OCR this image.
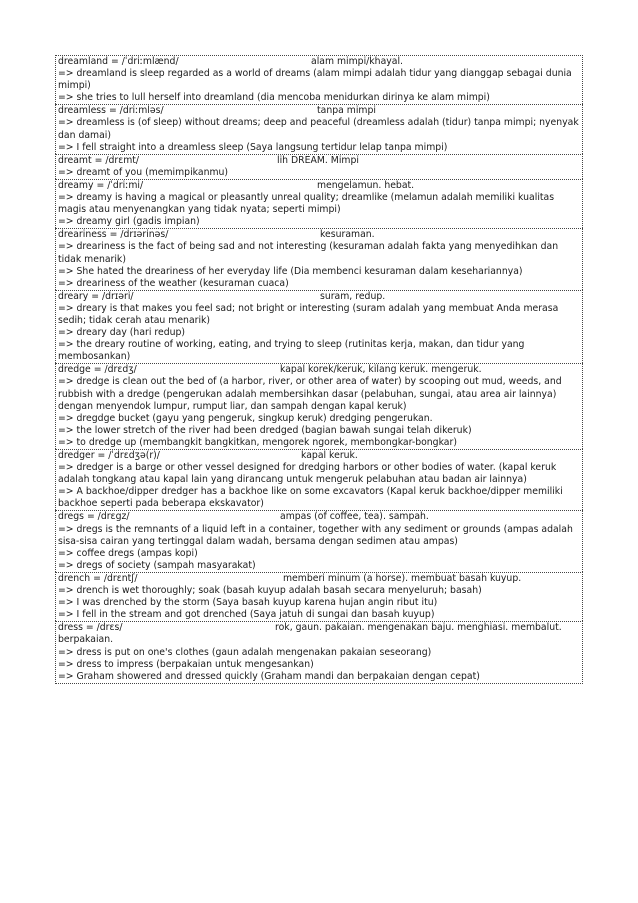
dreamland = /ˈdriːmlænd/	alam mimpi/khayal.
=> dreamland is sleep regarded as a world of dreams (alam mimpi adalah tidur yang dianggap sebagai dunia mimpi)
=> she tries to lull herself into dreamland (dia mencoba menidurkan dirinya ke alam mimpi)
dreamless = /driːmləs/	tanpa mimpi
=> dreamless is (of sleep) without dreams; deep and peaceful (dreamless adalah (tidur) tanpa mimpi; nyenyak dan damai)
=> I fell straight into a dreamless sleep (Saya langsung tertidur lelap tanpa mimpi)
dreamt = /drɛmt/	lih DREAM. Mimpi
=> dreamt of you (memimpikanmu)
dreamy = /ˈdriːmi/	mengelamun. hebat.
=> dreamy is having a magical or pleasantly unreal quality; dreamlike (melamun adalah memiliki kualitas magis atau menyenangkan yang tidak nyata; seperti mimpi)
=> dreamy girl (gadis impian)
dreariness = /drɪərinəs/	kesuraman.
=> dreariness is the fact of being sad and not interesting (kesuraman adalah fakta yang menyedihkan dan tidak menarik)
=> She hated the dreariness of her everyday life (Dia membenci kesuraman dalam kesehariannya)
=> dreariness of the weather (kesuraman cuaca)
dreary = /drɪəri/	suram, redup.
=> dreary is that makes you feel sad; not bright or interesting (suram adalah yang membuat Anda merasa sedih; tidak cerah atau menarik)
=> dreary day (hari redup)
=> the dreary routine of working, eating, and trying to sleep (rutinitas kerja, makan, dan tidur yang membosankan)
dredge = /drɛdʒ/	kapal korek/keruk, kilang keruk. mengeruk.
=> dredge is clean out the bed of (a harbor, river, or other area of water) by scooping out mud, weeds, and rubbish with a dredge (pengerukan adalah membersihkan dasar (pelabuhan, sungai, atau area air lainnya) dengan menyendok lumpur, rumput liar, dan sampah dengan kapal keruk)
=> dregdge bucket (gayu yang pengeruk, singkup keruk) dredging pengerukan.
=> the lower stretch of the river had been dredged (bagian bawah sungai telah dikeruk)
=> to dredge up (membangkit bangkitkan, mengorek ngorek, membongkar-bongkar)
dredger = /ˈdrɛdʒə(r)/	kapal keruk.
=> dredger is a barge or other vessel designed for dredging harbors or other bodies of water. (kapal keruk adalah tongkang atau kapal lain yang dirancang untuk mengeruk pelabuhan atau badan air lainnya)
=> A backhoe/dipper dredger has a backhoe like on some excavators (Kapal keruk backhoe/dipper memiliki backhoe seperti pada beberapa ekskavator)
dregs = /drɛgz/	ampas (of coffee, tea). sampah.
=> dregs is the remnants of a liquid left in a container, together with any sediment or grounds (ampas adalah sisa-sisa cairan yang tertinggal dalam wadah, bersama dengan sedimen atau ampas)
=> coffee dregs (ampas kopi)
=> dregs of society (sampah masyarakat)
drench = /drɛntʃ/	memberi minum (a horse). membuat basah kuyup.
=> drench is wet thoroughly; soak (basah kuyup adalah basah secara menyeluruh; basah)
=> I was drenched by the storm (Saya basah kuyup karena hujan angin ribut itu)
=> I fell in the stream and got drenched (Saya jatuh di sungai dan basah kuyup)
dress = /drɛs/	rok, gaun. pakaian. mengenakan baju. menghiasi. membalut. berpakaian.
=> dress is put on one's clothes (gaun adalah mengenakan pakaian seseorang)
=> dress to impress (berpakaian untuk mengesankan)
=> Graham showered and dressed quickly (Graham mandi dan berpakaian dengan cepat)
